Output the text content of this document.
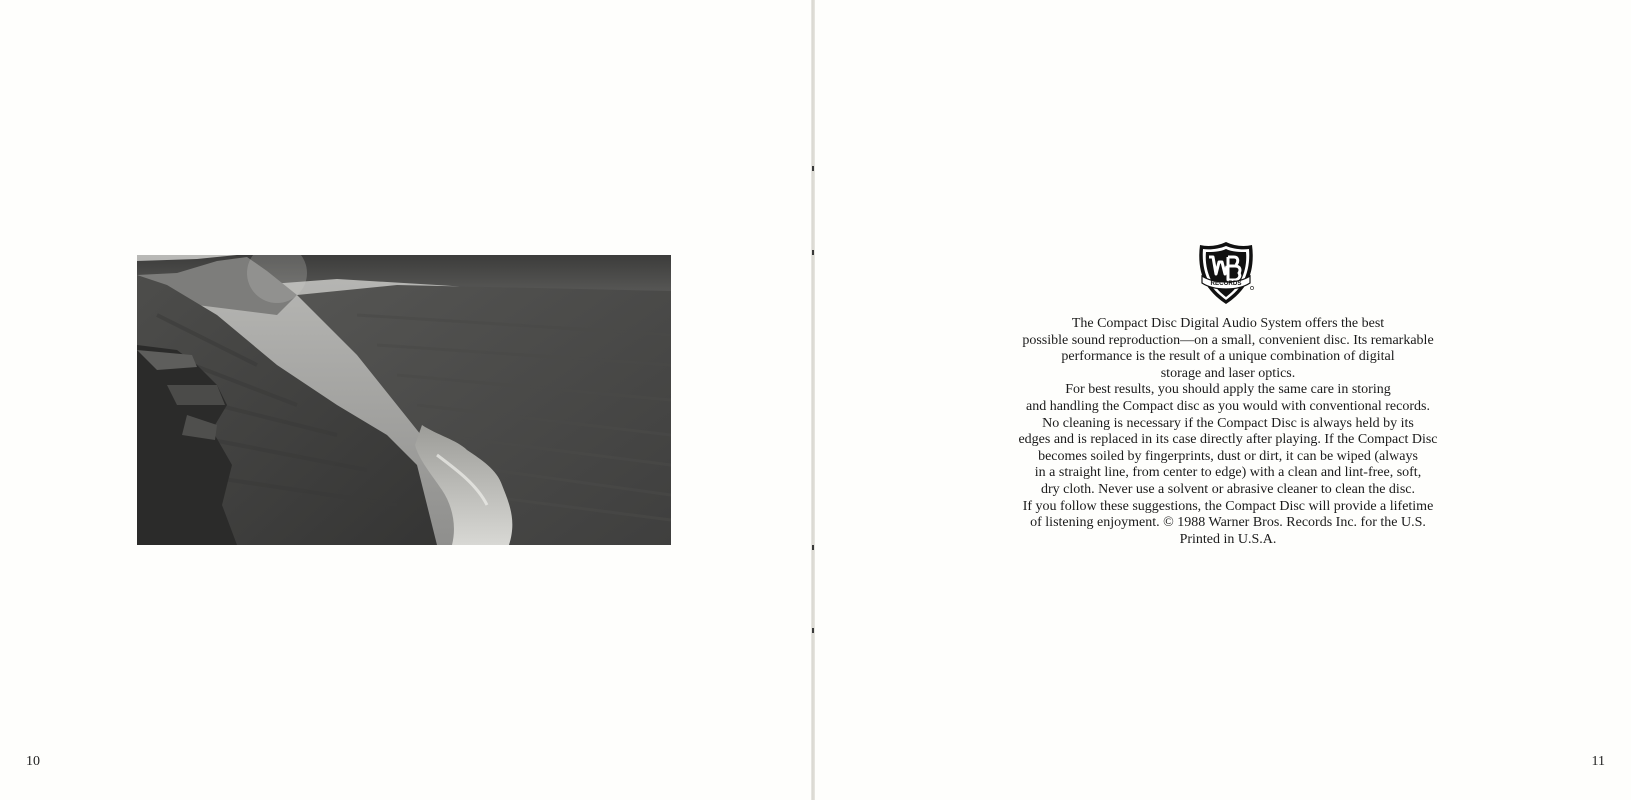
10
RECORDS
The Compact Disc Digital Audio System offers the best
possible sound reproduction—on a small, convenient disc. Its remarkable
performance is the result of a unique combination of digital
storage and laser optics.
For best results, you should apply the same care in storing
and handling the Compact disc as you would with conventional records.
No cleaning is necessary if the Compact Disc is always held by its
edges and is replaced in its case directly after playing. If the Compact Disc
becomes soiled by fingerprints, dust or dirt, it can be wiped (always
in a straight line, from center to edge) with a clean and lint-free, soft,
dry cloth. Never use a solvent or abrasive cleaner to clean the disc.
If you follow these suggestions, the Compact Disc will provide a lifetime
of listening enjoyment. © 1988 Warner Bros. Records Inc. for the U.S.
Printed in U.S.A.
11
